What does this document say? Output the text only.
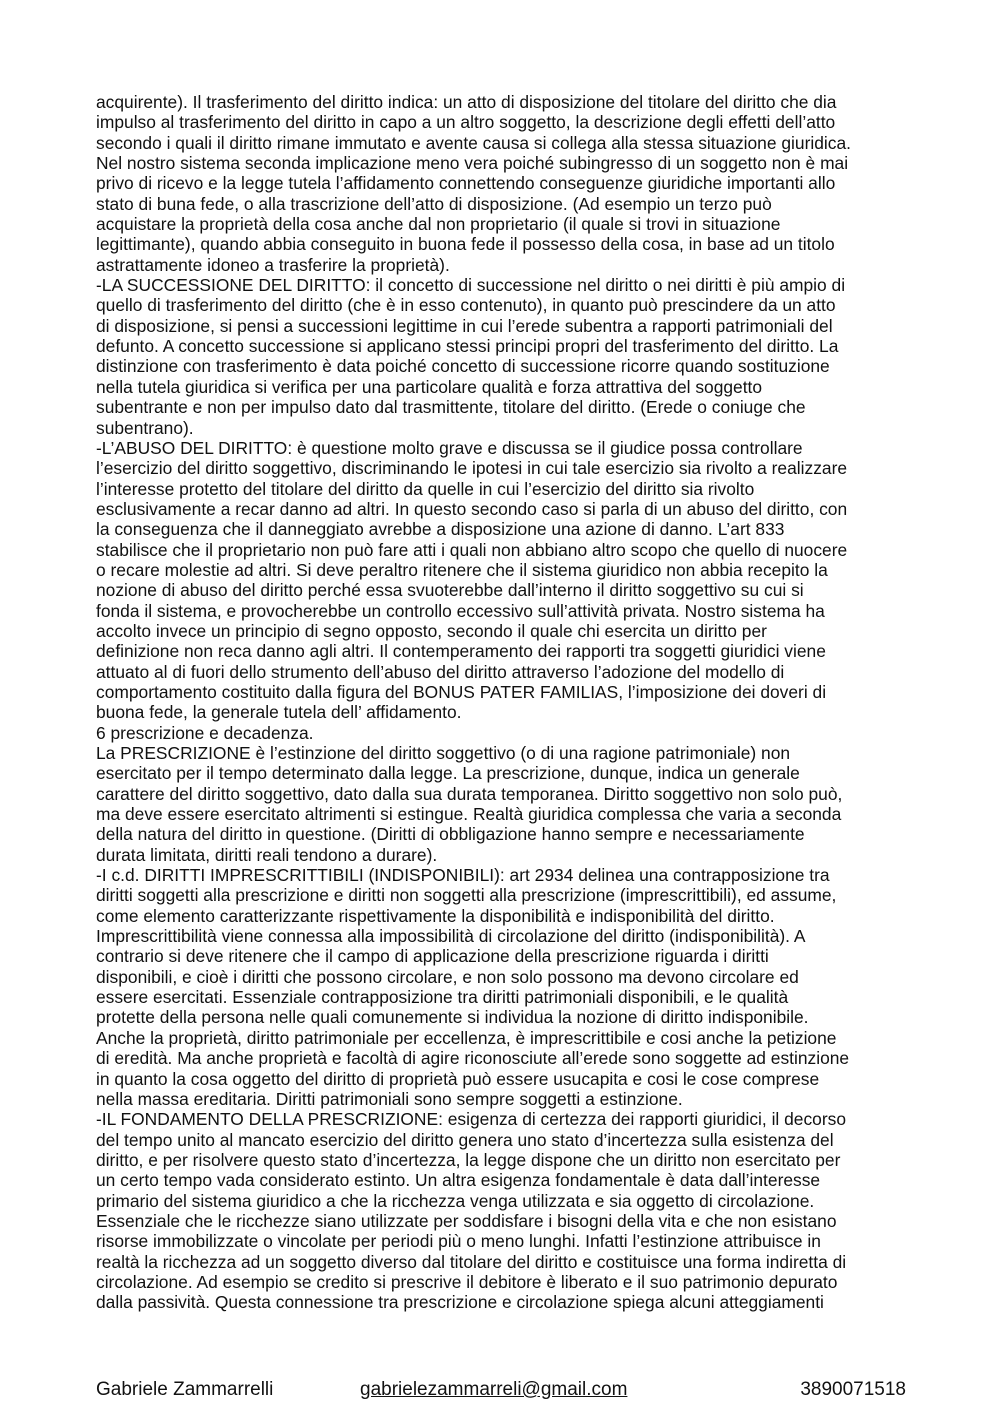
acquirente). Il trasferimento del diritto indica: un atto di disposizione del titolare del diritto che dia
impulso al trasferimento del diritto in capo a un altro soggetto, la descrizione degli effetti dell’atto
secondo i quali il diritto rimane immutato e avente causa si collega alla stessa situazione giuridica.
Nel nostro sistema seconda implicazione meno vera poiché subingresso di un soggetto non è mai
privo di ricevo e la legge tutela l’affidamento connettendo conseguenze giuridiche importanti allo
stato di buna fede, o alla trascrizione dell’atto di disposizione. (Ad esempio un terzo può
acquistare la proprietà della cosa anche dal non proprietario (il quale si trovi in situazione
legittimante), quando abbia conseguito in buona fede il possesso della cosa, in base ad un titolo
astrattamente idoneo a trasferire la proprietà).
-LA SUCCESSIONE DEL DIRITTO: il concetto di successione nel diritto o nei diritti è più ampio di
quello di trasferimento del diritto (che è in esso contenuto), in quanto può prescindere da un atto
di disposizione, si pensi a successioni legittime in cui l’erede subentra a rapporti patrimoniali del
defunto. A concetto successione si applicano stessi principi propri del trasferimento del diritto. La
distinzione con trasferimento è data poiché concetto di successione ricorre quando sostituzione
nella tutela giuridica si verifica per una particolare qualità e forza attrattiva del soggetto
subentrante e non per impulso dato dal trasmittente, titolare del diritto. (Erede o coniuge che
subentrano).
-L’ABUSO DEL DIRITTO: è questione molto grave e discussa se il giudice possa controllare
l’esercizio del diritto soggettivo, discriminando le ipotesi in cui tale esercizio sia rivolto a realizzare
l’interesse protetto del titolare del diritto da quelle in cui l’esercizio del diritto sia rivolto
esclusivamente a recar danno ad altri. In questo secondo caso si parla di un abuso del diritto, con
la conseguenza che il danneggiato avrebbe a disposizione una azione di danno. L’art 833
stabilisce che il proprietario non può fare atti i quali non abbiano altro scopo che quello di nuocere
o recare molestie ad altri. Si deve peraltro ritenere che il sistema giuridico non abbia recepito la
nozione di abuso del diritto perché essa svuoterebbe dall’interno il diritto soggettivo su cui si
fonda il sistema, e provocherebbe un controllo eccessivo sull’attività privata. Nostro sistema ha
accolto invece un principio di segno opposto, secondo il quale chi esercita un diritto per
definizione non reca danno agli altri. Il contemperamento dei rapporti tra soggetti giuridici viene
attuato al di fuori dello strumento dell’abuso del diritto attraverso l’adozione del modello di
comportamento costituito dalla figura del BONUS PATER FAMILIAS, l’imposizione dei doveri di
buona fede, la generale tutela dell’ affidamento.
6 prescrizione e decadenza.
La PRESCRIZIONE è l’estinzione del diritto soggettivo (o di una ragione patrimoniale) non
esercitato per il tempo determinato dalla legge. La prescrizione, dunque, indica un generale
carattere del diritto soggettivo, dato dalla sua durata temporanea. Diritto soggettivo non solo può,
ma deve essere esercitato altrimenti si estingue. Realtà giuridica complessa che varia a seconda
della natura del diritto in questione. (Diritti di obbligazione hanno sempre e necessariamente
durata limitata, diritti reali tendono a durare).
-I c.d. DIRITTI IMPRESCRITTIBILI (INDISPONIBILI): art 2934 delinea una contrapposizione tra
diritti soggetti alla prescrizione e diritti non soggetti alla prescrizione (imprescrittibili), ed assume,
come elemento caratterizzante rispettivamente la disponibilità e indisponibilità del diritto.
Imprescrittibilità viene connessa alla impossibilità di circolazione del diritto (indisponibilità). A
contrario si deve ritenere che il campo di applicazione della prescrizione riguarda i diritti
disponibili, e cioè i diritti che possono circolare, e non solo possono ma devono circolare ed
essere esercitati. Essenziale contrapposizione tra diritti patrimoniali disponibili, e le qualità
protette della persona nelle quali comunemente si individua la nozione di diritto indisponibile.
Anche la proprietà, diritto patrimoniale per eccellenza, è imprescrittibile e cosi anche la petizione
di eredità. Ma anche proprietà e facoltà di agire riconosciute all’erede sono soggette ad estinzione
in quanto la cosa oggetto del diritto di proprietà può essere usucapita e cosi le cose comprese
nella massa ereditaria. Diritti patrimoniali sono sempre soggetti a estinzione.
-IL FONDAMENTO DELLA PRESCRIZIONE: esigenza di certezza dei rapporti giuridici, il decorso
del tempo unito al mancato esercizio del diritto genera uno stato d’incertezza sulla esistenza del
diritto, e per risolvere questo stato d’incertezza, la legge dispone che un diritto non esercitato per
un certo tempo vada considerato estinto. Un altra esigenza fondamentale è data dall’interesse
primario del sistema giuridico a che la ricchezza venga utilizzata e sia oggetto di circolazione.
Essenziale che le ricchezze siano utilizzate per soddisfare i bisogni della vita e che non esistano
risorse immobilizzate o vincolate per periodi più o meno lunghi. Infatti l’estinzione attribuisce in
realtà la ricchezza ad un soggetto diverso dal titolare del diritto e costituisce una forma indiretta di
circolazione. Ad esempio se credito si prescrive il debitore è liberato e il suo patrimonio depurato
dalla passività. Questa connessione tra prescrizione e circolazione spiega alcuni atteggiamenti
Gabriele Zammarrelli	gabrielezammarreli@gmail.com	3890071518
